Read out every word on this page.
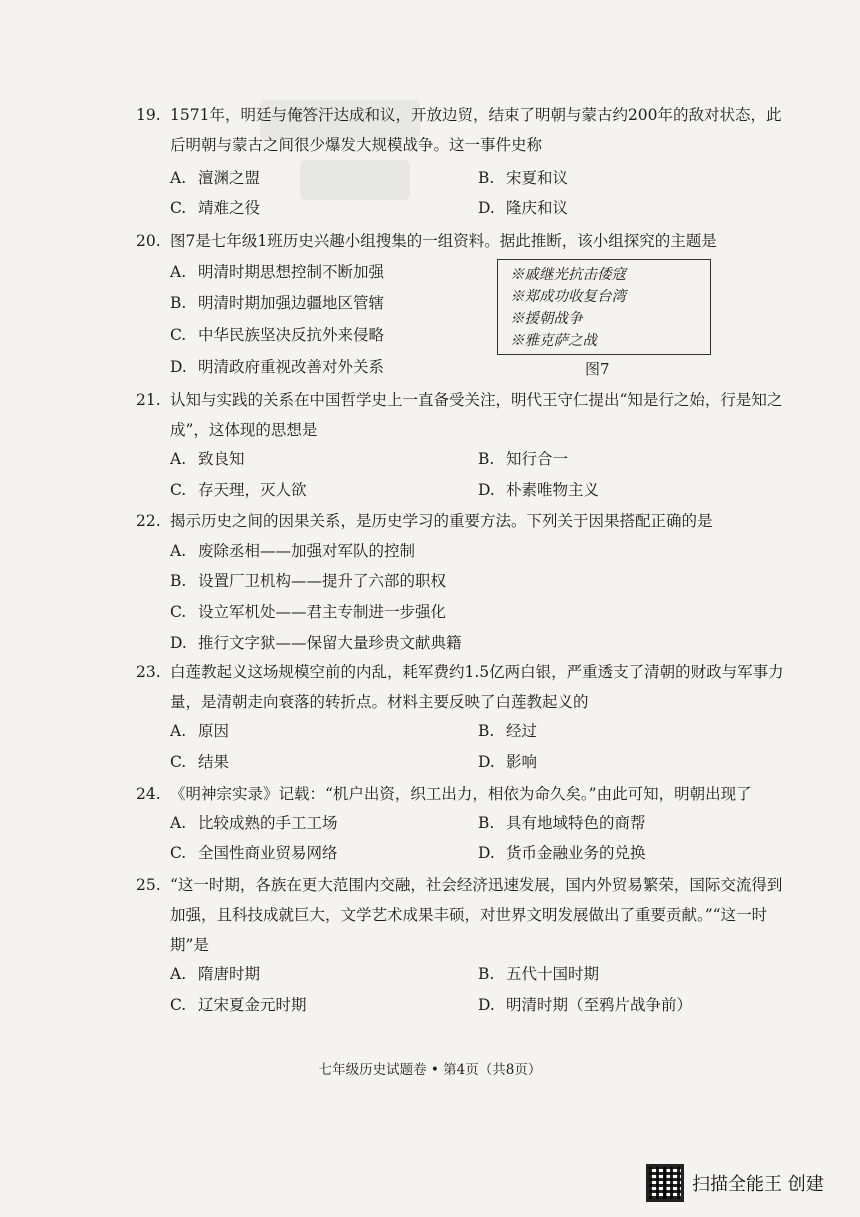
19. 1571年，明廷与俺答汗达成和议，开放边贸，结束了明朝与蒙古约200年的敌对状态，此后明朝与蒙古之间很少爆发大规模战争。这一事件史称
A. 澶渊之盟	B. 宋夏和议
C. 靖难之役	D. 隆庆和议
20. 图7是七年级1班历史兴趣小组搜集的一组资料。据此推断，该小组探究的主题是
A. 明清时期思想控制不断加强
B. 明清时期加强边疆地区管辖
C. 中华民族坚决反抗外来侵略
D. 明清政府重视改善对外关系
※戚继光抗击倭寇
※郑成功收复台湾
※援朝战争
※雅克萨之战
图7
21. 认知与实践的关系在中国哲学史上一直备受关注，明代王守仁提出“知是行之始，行是知之成”，这体现的思想是
A. 致良知	B. 知行合一
C. 存天理，灭人欲	D. 朴素唯物主义
22. 揭示历史之间的因果关系，是历史学习的重要方法。下列关于因果搭配正确的是
A. 废除丞相——加强对军队的控制
B. 设置厂卫机构——提升了六部的职权
C. 设立军机处——君主专制进一步强化
D. 推行文字狱——保留大量珍贵文献典籍
23. 白莲教起义这场规模空前的内乱，耗军费约1.5亿两白银，严重透支了清朝的财政与军事力量，是清朝走向衰落的转折点。材料主要反映了白莲教起义的
A. 原因	B. 经过
C. 结果	D. 影响
24. 《明神宗实录》记载：“机户出资，织工出力，相依为命久矣。”由此可知，明朝出现了
A. 比较成熟的手工工场	B. 具有地域特色的商帮
C. 全国性商业贸易网络	D. 货币金融业务的兑换
25. “这一时期，各族在更大范围内交融，社会经济迅速发展，国内外贸易繁荣，国际交流得到加强，且科技成就巨大，文学艺术成果丰硕，对世界文明发展做出了重要贡献。”“这一时期”是
A. 隋唐时期	B. 五代十国时期
C. 辽宋夏金元时期	D. 明清时期（至鸦片战争前）
七年级历史试题卷 • 第4页（共8页）
扫描全能王 创建
